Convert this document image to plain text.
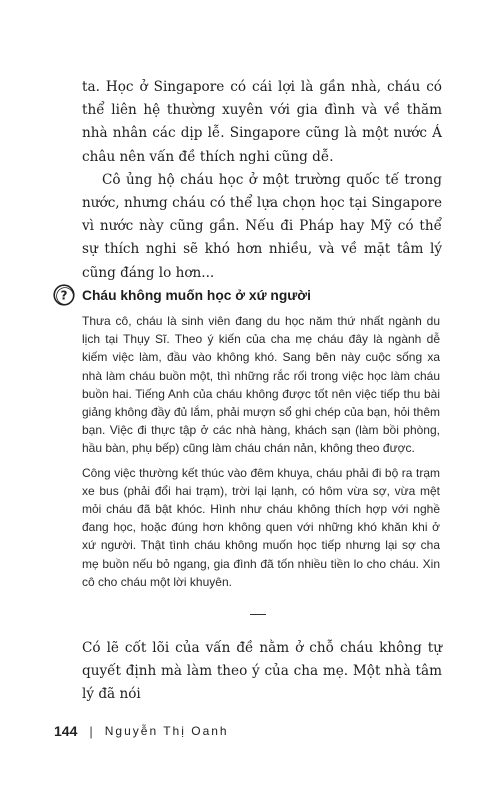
ta. Học ở Singapore có cái lợi là gần nhà, cháu có thể liên hệ thường xuyên với gia đình và về thăm nhà nhân các dịp lễ. Singapore cũng là một nước Á châu nên vấn đề thích nghi cũng dễ.

Cô ủng hộ cháu học ở một trường quốc tế trong nước, nhưng cháu có thể lựa chọn học tại Singapore vì nước này cũng gần. Nếu đi Pháp hay Mỹ có thể sự thích nghi sẽ khó hơn nhiều, và về mặt tâm lý cũng đáng lo hơn...

? Cháu không muốn học ở xứ người

Thưa cô, cháu là sinh viên đang du học năm thứ nhất ngành du lịch tại Thụy Sĩ. Theo ý kiến của cha mẹ cháu đây là ngành dễ kiếm việc làm, đầu vào không khó. Sang bên này cuộc sống xa nhà làm cháu buồn một, thì những rắc rối trong việc học làm cháu buồn hai. Tiếng Anh của cháu không được tốt nên việc tiếp thu bài giảng không đầy đủ lắm, phải mượn sổ ghi chép của bạn, hỏi thêm bạn. Việc đi thực tập ở các nhà hàng, khách sạn (làm bồi phòng, hầu bàn, phụ bếp) cũng làm cháu chán nản, không theo được.

Công việc thường kết thúc vào đêm khuya, cháu phải đi bộ ra trạm xe bus (phải đổi hai trạm), trời lại lạnh, có hôm vừa sợ, vừa mệt mỏi cháu đã bật khóc. Hình như cháu không thích hợp với nghề đang học, hoặc đúng hơn không quen với những khó khăn khi ở xứ người. Thật tình cháu không muốn học tiếp nhưng lại sợ cha mẹ buồn nếu bỏ ngang, gia đình đã tốn nhiều tiền lo cho cháu. Xin cô cho cháu một lời khuyên.

Có lẽ cốt lõi của vấn đề nằm ở chỗ cháu không tự quyết định mà làm theo ý của cha mẹ. Một nhà tâm lý đã nói

144 | Nguyễn Thị Oanh
